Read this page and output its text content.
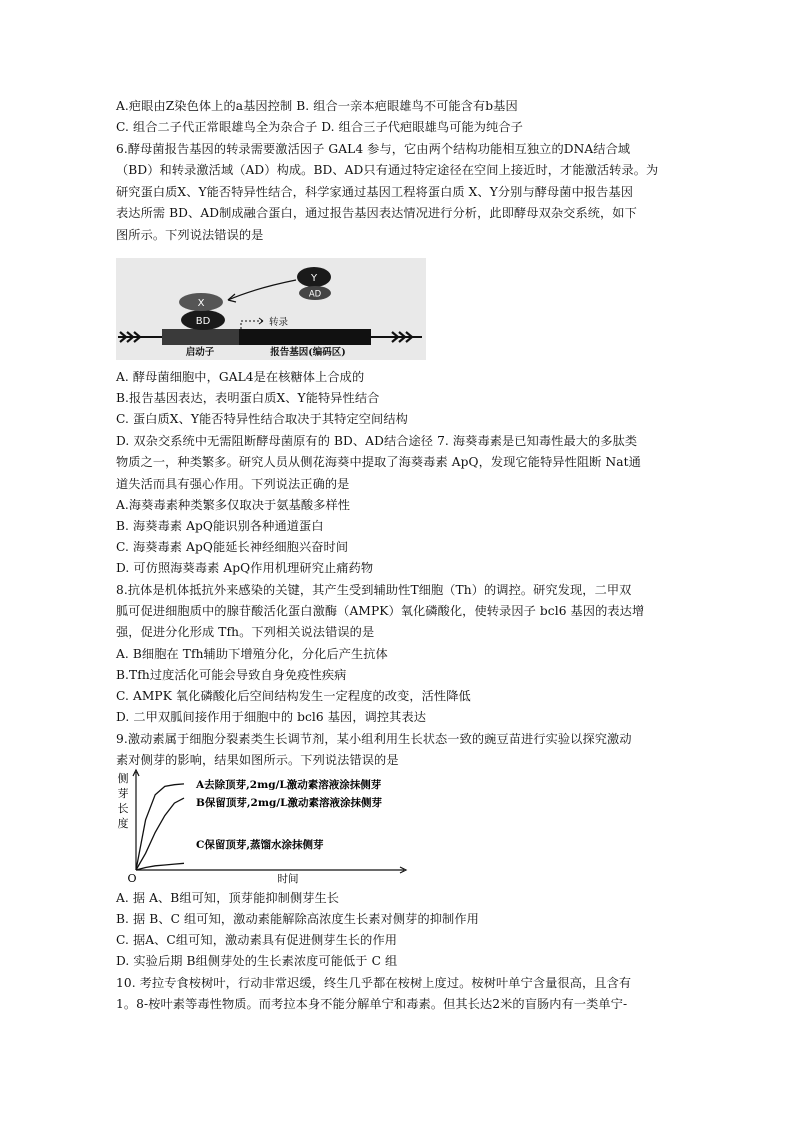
A.疤眼由Z染色体上的a基因控制 B. 组合一亲本疤眼雄鸟不可能含有b基因
C. 组合二子代正常眼雄鸟全为杂合子 D. 组合三子代疤眼雄鸟可能为纯合子
6.酵母菌报告基因的转录需要激活因子 GAL4 参与，它由两个结构功能相互独立的DNA结合域
（BD）和转录激活域（AD）构成。BD、AD只有通过特定途径在空间上接近时，才能激活转录。为
研究蛋白质X、Y能否特异性结合，科学家通过基因工程将蛋白质 X、Y分别与酵母菌中报告基因
表达所需 BD、AD制成融合蛋白，通过报告基因表达情况进行分析，此即酵母双杂交系统，如下
图所示。下列说法错误的是
BD
X
Y
AD
转录
启动子	报告基因(编码区)
A. 酵母菌细胞中，GAL4是在核糖体上合成的
B.报告基因表达，表明蛋白质X、Y能特异性结合
C. 蛋白质X、Y能否特异性结合取决于其特定空间结构
D. 双杂交系统中无需阻断酵母菌原有的 BD、AD结合途径 7. 海葵毒素是已知毒性最大的多肽类
物质之一，种类繁多。研究人员从侧花海葵中提取了海葵毒素 ApQ，发现它能特异性阻断 Nat通
道失活而具有强心作用。下列说法正确的是
A.海葵毒素种类繁多仅取决于氨基酸多样性
B. 海葵毒素 ApQ能识别各种通道蛋白
C. 海葵毒素 ApQ能延长神经细胞兴奋时间
D. 可仿照海葵毒素 ApQ作用机理研究止痛药物
8.抗体是机体抵抗外来感染的关键，其产生受到辅助性T细胞（Th）的调控。研究发现，二甲双
胍可促进细胞质中的腺苷酸活化蛋白激酶（AMPK）氧化磷酸化，使转录因子 bcl6 基因的表达增
强，促进分化形成 Tfh。下列相关说法错误的是
A. B细胞在 Tfh辅助下增殖分化，分化后产生抗体
B.Tfh过度活化可能会导致自身免疫性疾病
C. AMPK 氧化磷酸化后空间结构发生一定程度的改变，活性降低
D. 二甲双胍间接作用于细胞中的 bcl6 基因，调控其表达
9.激动素属于细胞分裂素类生长调节剂，某小组利用生长状态一致的豌豆苗进行实验以探究激动
素对侧芽的影响，结果如图所示。下列说法错误的是
侧
芽
长
度
O	时间
A去除顶芽,2mg/L激动素溶液涂抹侧芽
B保留顶芽,2mg/L激动素溶液涂抹侧芽
C保留顶芽,蒸馏水涂抹侧芽
A. 据 A、B组可知，顶芽能抑制侧芽生长
B. 据 B、C 组可知，激动素能解除高浓度生长素对侧芽的抑制作用
C. 据A、C组可知，激动素具有促进侧芽生长的作用
D. 实验后期 B组侧芽处的生长素浓度可能低于 C 组
10. 考拉专食桉树叶，行动非常迟缓，终生几乎都在桉树上度过。桉树叶单宁含量很高，且含有
1。8-桉叶素等毒性物质。而考拉本身不能分解单宁和毒素。但其长达2米的盲肠内有一类单宁-
